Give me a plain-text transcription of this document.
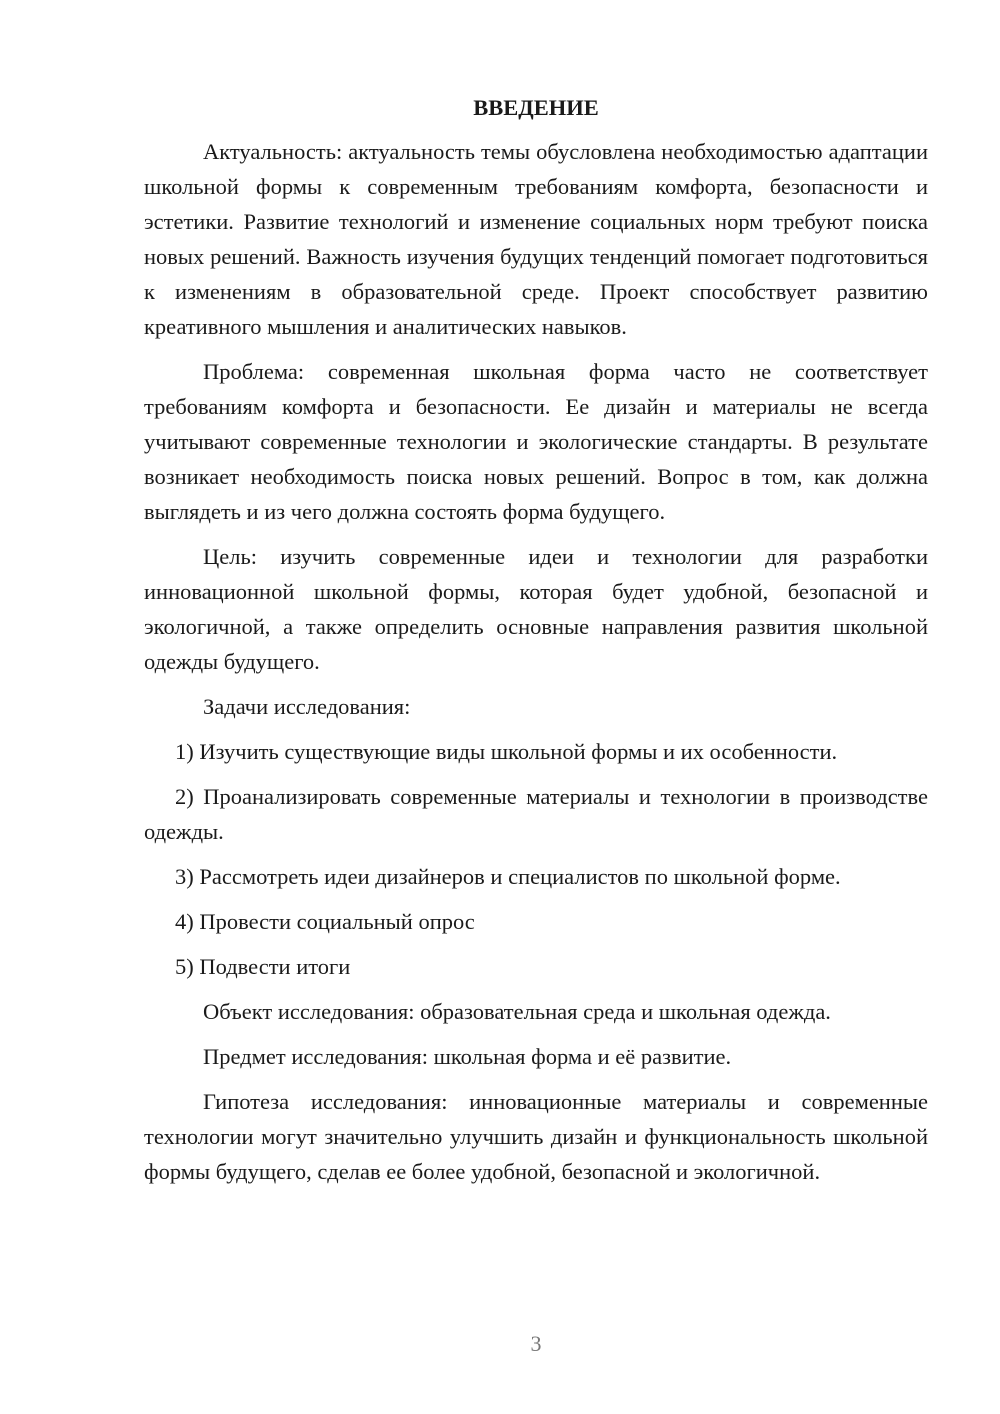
ВВЕДЕНИЕ

Актуальность: актуальность темы обусловлена необходимостью адаптации школьной формы к современным требованиям комфорта, безопасности и эстетики. Развитие технологий и изменение социальных норм требуют поиска новых решений. Важность изучения будущих тенденций помогает подготовиться к изменениям в образовательной среде. Проект способствует развитию креативного мышления и аналитических навыков.

Проблема: современная школьная форма часто не соответствует требованиям комфорта и безопасности. Ее дизайн и материалы не всегда учитывают современные технологии и экологические стандарты. В результате возникает необходимость поиска новых решений. Вопрос в том, как должна выглядеть и из чего должна состоять форма будущего.

Цель: изучить современные идеи и технологии для разработки инновационной школьной формы, которая будет удобной, безопасной и экологичной, а также определить основные направления развития школьной одежды будущего.

Задачи исследования:

1) Изучить существующие виды школьной формы и их особенности.

2) Проанализировать современные материалы и технологии в производстве одежды.

3) Рассмотреть идеи дизайнеров и специалистов по школьной форме.

4) Провести социальный опрос

5) Подвести итоги

Объект исследования: образовательная среда и школьная одежда.

Предмет исследования: школьная форма и её развитие.

Гипотеза исследования: инновационные материалы и современные технологии могут значительно улучшить дизайн и функциональность школьной формы будущего, сделав ее более удобной, безопасной и экологичной.

3
